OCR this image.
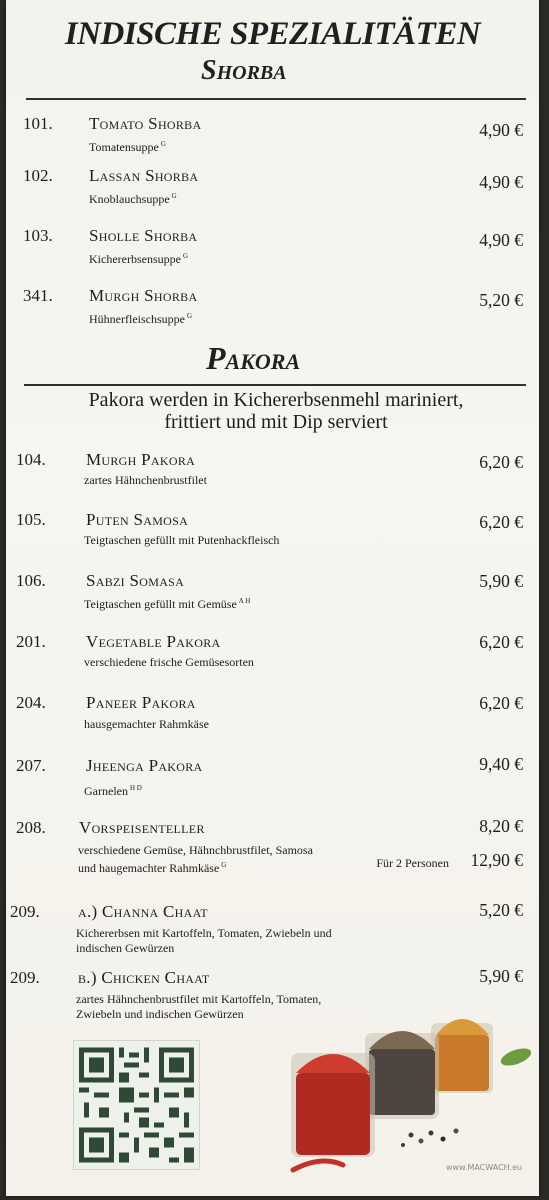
INDISCHE SPEZIALITÄTEN
Shorba
101. Tomato Shorba
Tomatensuppe $^G$
4,90 €
102. Lassan Shorba
Knoblauchsuppe $^G$
4,90 €
103. Sholle Shorba
Kichererbsensuppe $^G$
4,90 €
341. Murgh Shorba
Hühnerfleischsuppe $^G$
5,20 €
Pakora
Pakora werden in Kichererbsenmehl mariniert,
frittiert und mit Dip serviert
104. Murgh Pakora
zartes Hähnchenbrustfilet
6,20 €
105. Puten Samosa
Teigtaschen gefüllt mit Putenhackfleisch
6,20 €
106. Sabzi Somasa
Teigtaschen gefüllt mit Gemüse $^{A H}$
5,90 €
201. Vegetable Pakora
verschiedene frische Gemüsesorten
6,20 €
204. Paneer Pakora
hausgemachter Rahmkäse
6,20 €
207. Jheenga Pakora
Garnelen $^{H D}$
9,40 €
208. Vorspeisenteller
verschiedene Gemüse, Hähnchbrustfilet, Samosa
und haugemachter Rahmkäse $^G$
8,20 €
Für 2 Personen 12,90 €
209. a.) Channa Chaat
Kichererbsen mit Kartoffeln, Tomaten, Zwiebeln und
indischen Gewürzen
5,20 €
209. b.) Chicken Chaat
zartes Hähnchenbrustfilet mit Kartoffeln, Tomaten,
Zwiebeln und indischen Gewürzen
5,90 €
www.MACWACH.eu
